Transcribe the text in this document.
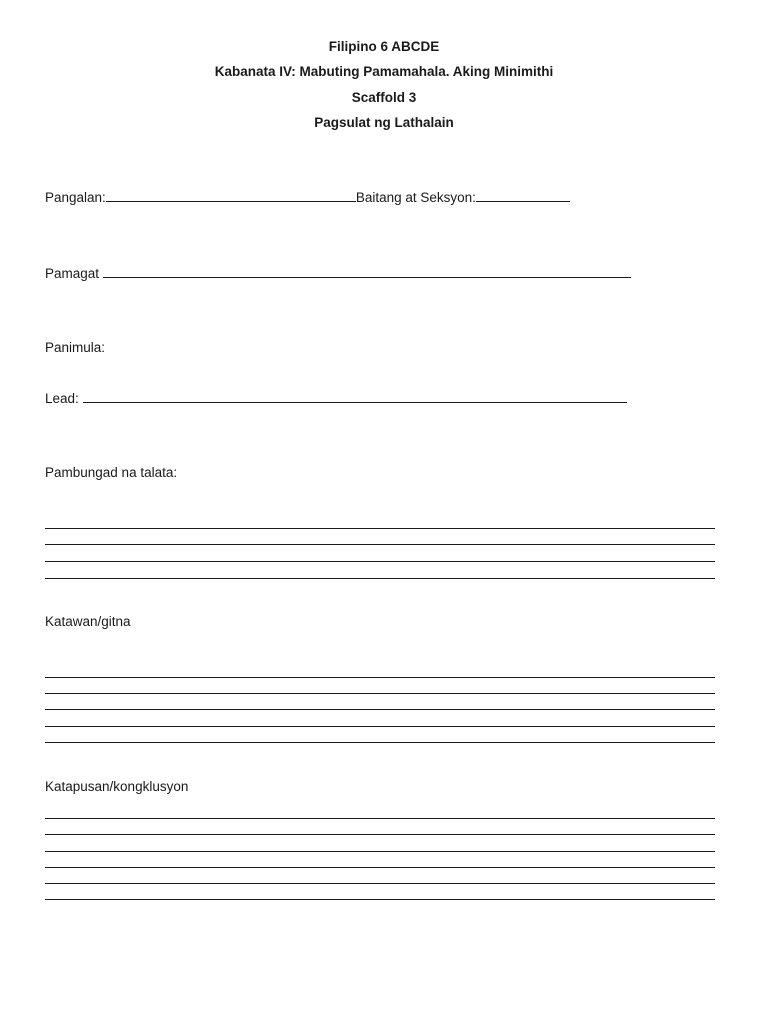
Filipino 6 ABCDE
Kabanata IV: Mabuting Pamamahala. Aking Minimithi
Scaffold 3
Pagsulat ng Lathalain
Pangalan:	Baitang at Seksyon:
Pamagat
Panimula:
Lead:
Pambungad na talata:
Katawan/gitna
Katapusan/kongklusyon
